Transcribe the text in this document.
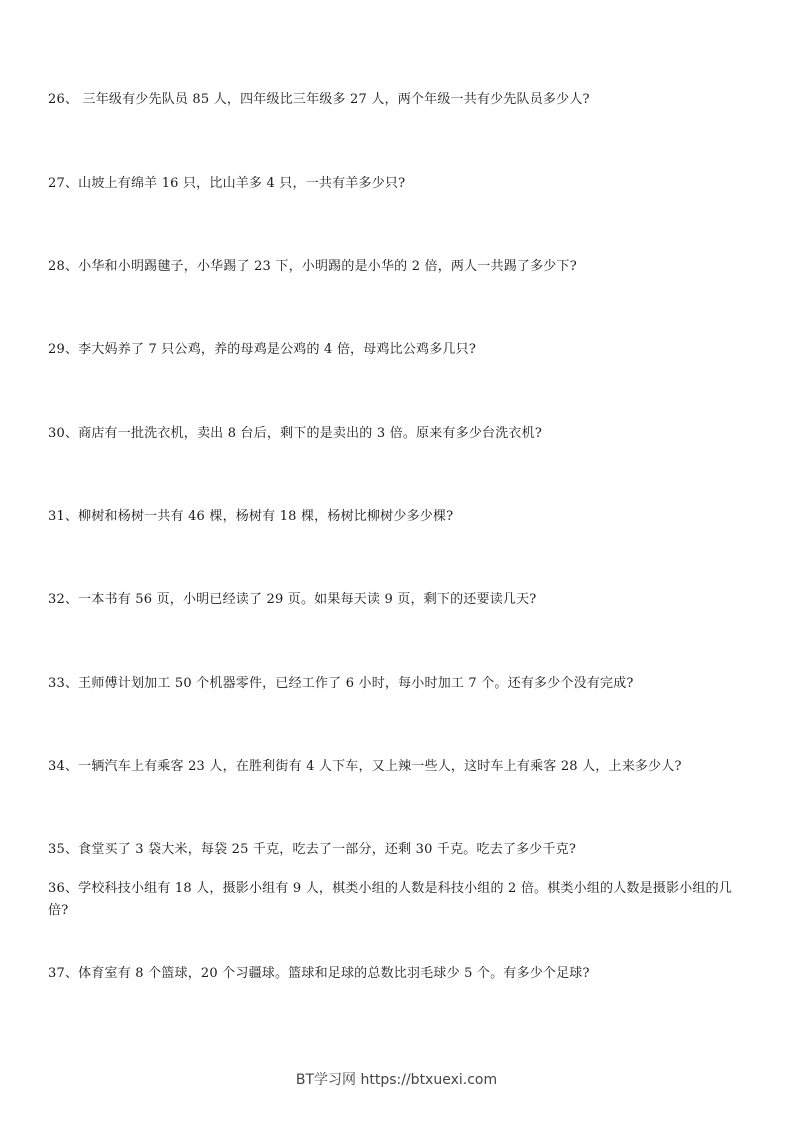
26、 三年级有少先队员 85 人，四年级比三年级多 27 人，两个年级一共有少先队员多少人?
27、山坡上有绵羊 16 只，比山羊多 4 只，一共有羊多少只?
28、小华和小明踢毽子，小华踢了 23 下，小明踢的是小华的 2 倍，两人一共踢了多少下?
29、李大妈养了 7 只公鸡，养的母鸡是公鸡的 4 倍，母鸡比公鸡多几只?
30、商店有一批洗衣机，卖出 8 台后，剩下的是卖出的 3 倍。原来有多少台洗衣机?
31、柳树和杨树一共有 46 棵，杨树有 18 棵，杨树比柳树少多少棵?
32、一本书有 56 页，小明已经读了 29 页。如果每天读 9 页，剩下的还要读几天?
33、王师傅计划加工 50 个机器零件，已经工作了 6 小时，每小时加工 7 个。还有多少个没有完成?
34、一辆汽车上有乘客 23 人，在胜利街有 4 人下车，又上辣一些人，这时车上有乘客 28 人，上来多少人?
35、食堂买了 3 袋大米，每袋 25 千克，吃去了一部分，还剩 30 千克。吃去了多少千克?
36、学校科技小组有 18 人，摄影小组有 9 人，棋类小组的人数是科技小组的 2 倍。棋类小组的人数是摄影小组的几倍?
37、体育室有 8 个篮球，20 个习疆球。篮球和足球的总数比羽毛球少 5 个。有多少个足球?
BT学习网 https://btxuexi.com
